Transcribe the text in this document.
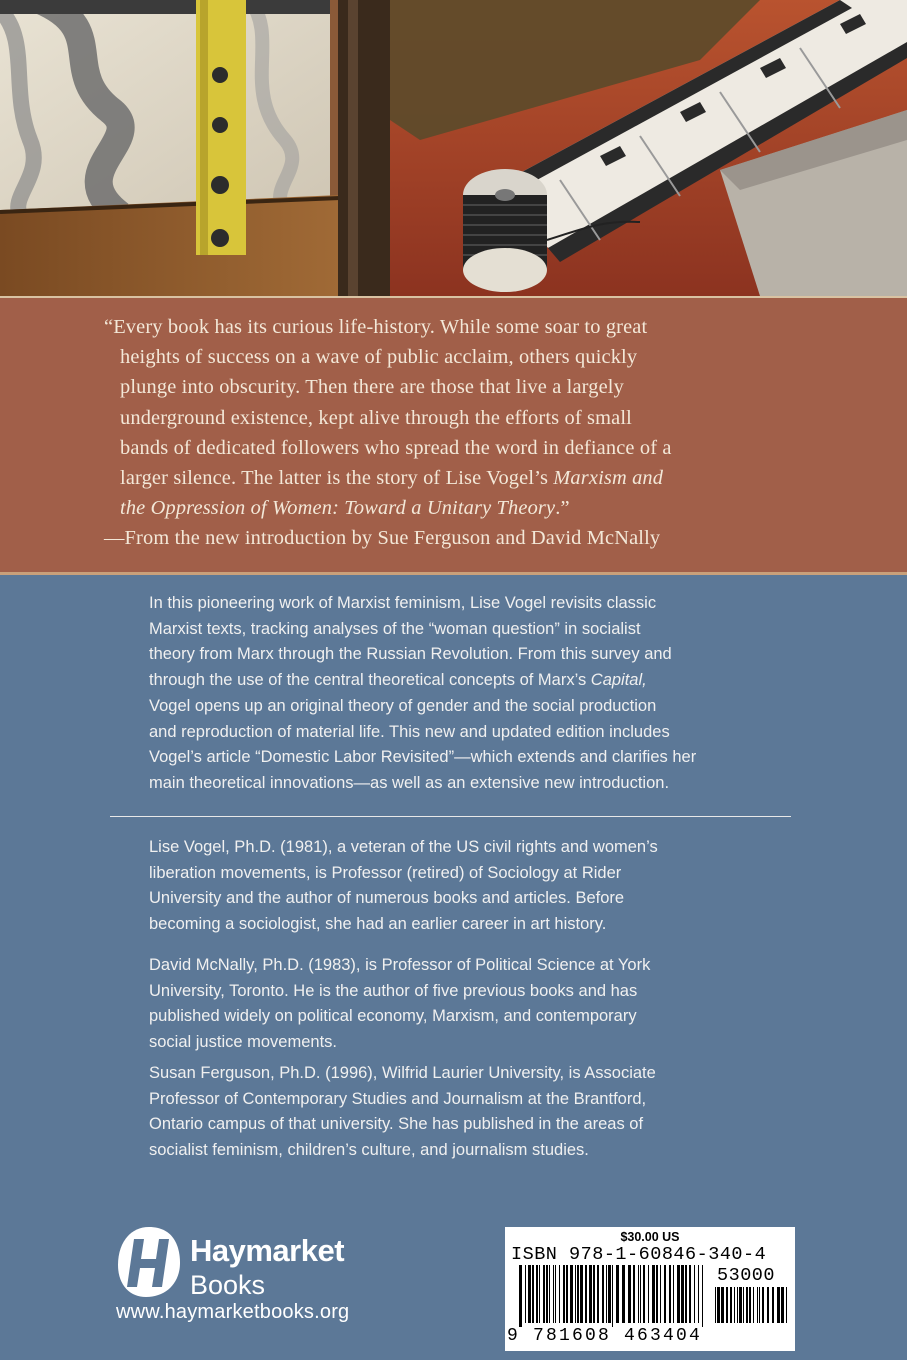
“Every book has its curious life-history. While some soar to great
heights of success on a wave of public acclaim, others quickly
plunge into obscurity. Then there are those that live a largely
underground existence, kept alive through the efforts of small
bands of dedicated followers who spread the word in defiance of a
larger silence. The latter is the story of Lise Vogel’s Marxism and
the Oppression of Women: Toward a Unitary Theory.”
—From the new introduction by Sue Ferguson and David McNally
In this pioneering work of Marxist feminism, Lise Vogel revisits classic
Marxist texts, tracking analyses of the “woman question” in socialist
theory from Marx through the Russian Revolution. From this survey and
through the use of the central theoretical concepts of Marx’s Capital,
Vogel opens up an original theory of gender and the social production
and reproduction of material life. This new and updated edition includes
Vogel’s article “Domestic Labor Revisited”—which extends and clarifies her
main theoretical innovations—as well as an extensive new introduction.
Lise Vogel, Ph.D. (1981), a veteran of the US civil rights and women’s
liberation movements, is Professor (retired) of Sociology at Rider
University and the author of numerous books and articles. Before
becoming a sociologist, she had an earlier career in art history.
David McNally, Ph.D. (1983), is Professor of Political Science at York
University, Toronto. He is the author of five previous books and has
published widely on political economy, Marxism, and contemporary
social justice movements.
Susan Ferguson, Ph.D. (1996), Wilfrid Laurier University, is Associate
Professor of Contemporary Studies and Journalism at the Brantford,
Ontario campus of that university. She has published in the areas of
socialist feminism, children’s culture, and journalism studies.
Haymarket
Books
www.haymarketbooks.org
$30.00 US
ISBN 978-1-60846-340-4
53000
9 781608 463404
